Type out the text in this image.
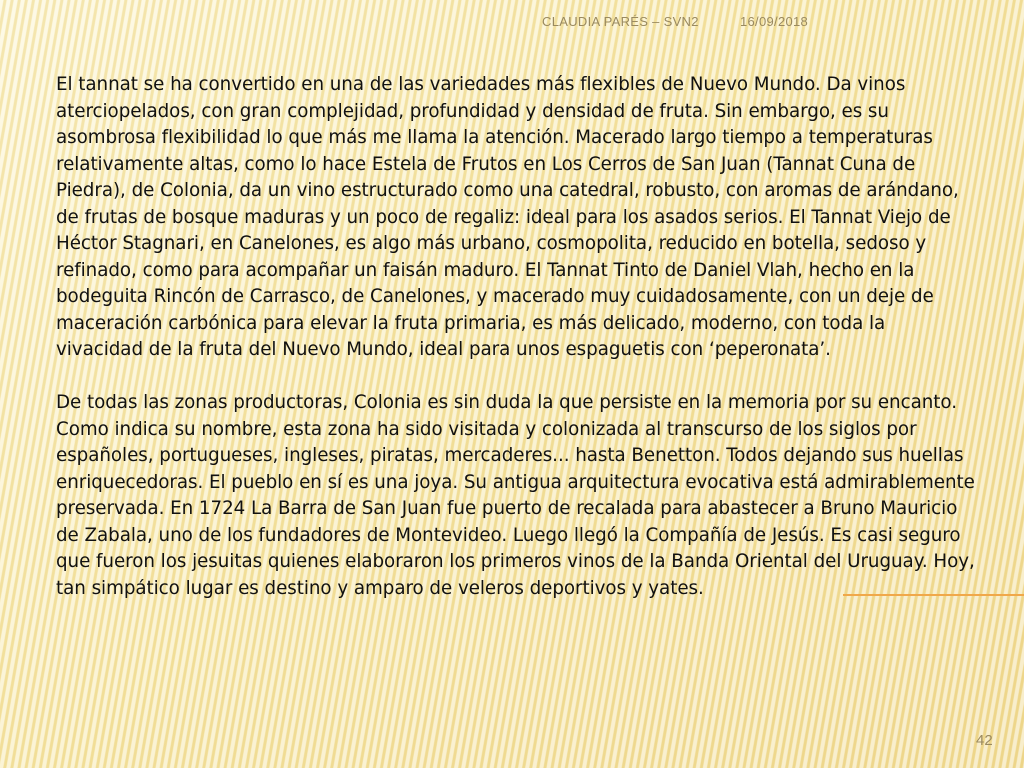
CLAUDIA PARÉS – SVN2	16/09/2018

El tannat se ha convertido en una de las variedades más flexibles de Nuevo Mundo. Da vinos aterciopelados, con gran complejidad, profundidad y densidad de fruta. Sin embargo, es su asombrosa flexibilidad lo que más me llama la atención. Macerado largo tiempo a temperaturas relativamente altas, como lo hace Estela de Frutos en Los Cerros de San Juan (Tannat Cuna de Piedra), de Colonia, da un vino estructurado como una catedral, robusto, con aromas de arándano, de frutas de bosque maduras y un poco de regaliz: ideal para los asados serios. El Tannat Viejo de Héctor Stagnari, en Canelones, es algo más urbano, cosmopolita, reducido en botella, sedoso y refinado, como para acompañar un faisán maduro. El Tannat Tinto de Daniel Vlah, hecho en la bodeguita Rincón de Carrasco, de Canelones, y macerado muy cuidadosamente, con un deje de maceración carbónica para elevar la fruta primaria, es más delicado, moderno, con toda la vivacidad de la fruta del Nuevo Mundo, ideal para unos espaguetis con ‘peperonata’.

De todas las zonas productoras, Colonia es sin duda la que persiste en la memoria por su encanto. Como indica su nombre, esta zona ha sido visitada y colonizada al transcurso de los siglos por españoles, portugueses, ingleses, piratas, mercaderes... hasta Benetton. Todos dejando sus huellas enriquecedoras. El pueblo en sí es una joya. Su antigua arquitectura evocativa está admirablemente preservada. En 1724 La Barra de San Juan fue puerto de recalada para abastecer a Bruno Mauricio de Zabala, uno de los fundadores de Montevideo. Luego llegó la Compañía de Jesús. Es casi seguro que fueron los jesuitas quienes elaboraron los primeros vinos de la Banda Oriental del Uruguay. Hoy, tan simpático lugar es destino y amparo de veleros deportivos y yates.

42
